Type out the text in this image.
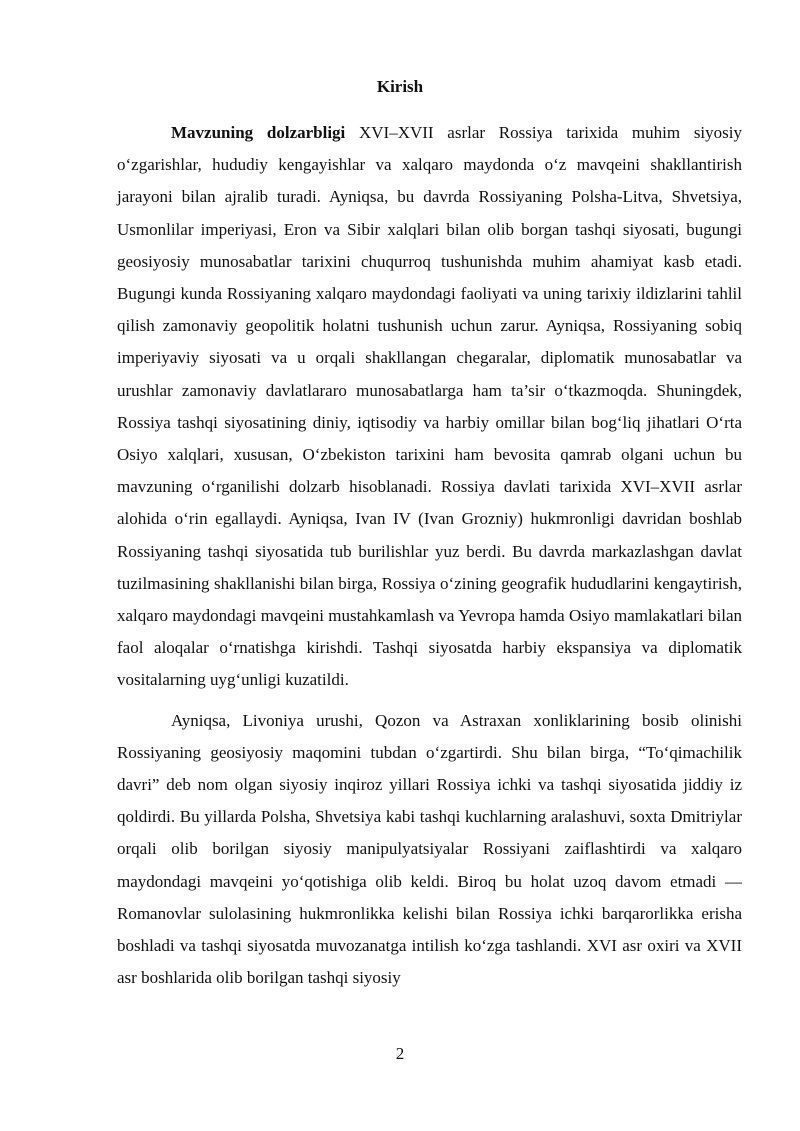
Kirish

Mavzuning dolzarbligi XVI–XVII asrlar Rossiya tarixida muhim siyosiy o‘zgarishlar, hududiy kengayishlar va xalqaro maydonda o‘z mavqeini shakllantirish jarayoni bilan ajralib turadi. Ayniqsa, bu davrda Rossiyaning Polsha-Litva, Shvetsiya, Usmonlilar imperiyasi, Eron va Sibir xalqlari bilan olib borgan tashqi siyosati, bugungi geosiyosiy munosabatlar tarixini chuqurroq tushunishda muhim ahamiyat kasb etadi. Bugungi kunda Rossiyaning xalqaro maydondagi faoliyati va uning tarixiy ildizlarini tahlil qilish zamonaviy geopolitik holatni tushunish uchun zarur. Ayniqsa, Rossiyaning sobiq imperiyaviy siyosati va u orqali shakllangan chegaralar, diplomatik munosabatlar va urushlar zamonaviy davlatlararo munosabatlarga ham ta’sir o‘tkazmoqda. Shuningdek, Rossiya tashqi siyosatining diniy, iqtisodiy va harbiy omillar bilan bog‘liq jihatlari O‘rta Osiyo xalqlari, xususan, O‘zbekiston tarixini ham bevosita qamrab olgani uchun bu mavzuning o‘rganilishi dolzarb hisoblanadi. Rossiya davlati tarixida XVI–XVII asrlar alohida o‘rin egallaydi. Ayniqsa, Ivan IV (Ivan Grozniy) hukmronligi davridan boshlab Rossiyaning tashqi siyosatida tub burilishlar yuz berdi. Bu davrda markazlashgan davlat tuzilmasining shakllanishi bilan birga, Rossiya o‘zining geografik hududlarini kengaytirish, xalqaro maydondagi mavqeini mustahkamlash va Yevropa hamda Osiyo mamlakatlari bilan faol aloqalar o‘rnatishga kirishdi. Tashqi siyosatda harbiy ekspansiya va diplomatik vositalarning uyg‘unligi kuzatildi.

Ayniqsa, Livoniya urushi, Qozon va Astraxan xonliklarining bosib olinishi Rossiyaning geosiyosiy maqomini tubdan o‘zgartirdi. Shu bilan birga, “To‘qimachilik davri” deb nom olgan siyosiy inqiroz yillari Rossiya ichki va tashqi siyosatida jiddiy iz qoldirdi. Bu yillarda Polsha, Shvetsiya kabi tashqi kuchlarning aralashuvi, soxta Dmitriylar orqali olib borilgan siyosiy manipulyatsiyalar Rossiyani zaiflashtirdi va xalqaro maydondagi mavqeini yo‘qotishiga olib keldi. Biroq bu holat uzoq davom etmadi — Romanovlar sulolasining hukmronlikka kelishi bilan Rossiya ichki barqarorlikka erisha boshladi va tashqi siyosatda muvozanatga intilish ko‘zga tashlandi. XVI asr oxiri va XVII asr boshlarida olib borilgan tashqi siyosiy

2
